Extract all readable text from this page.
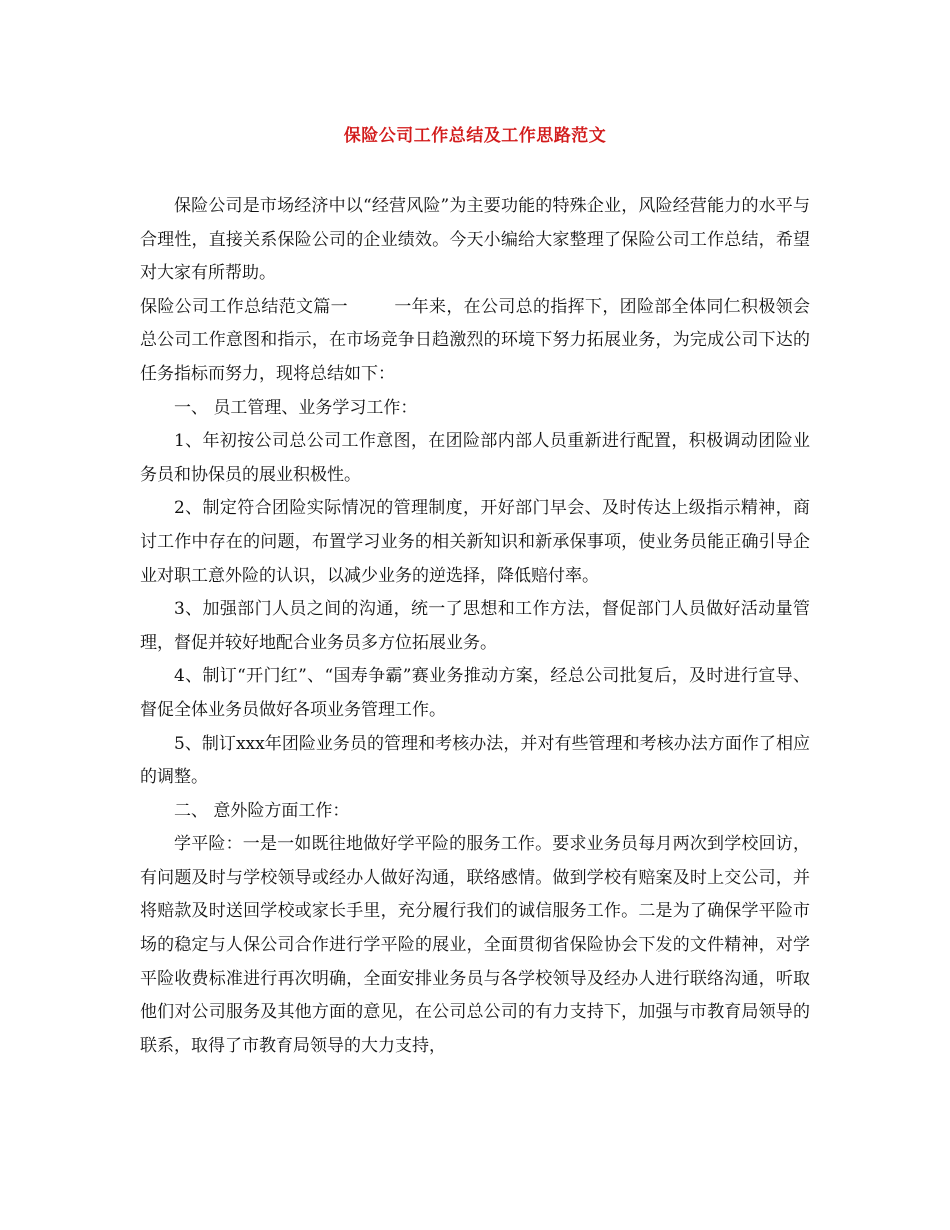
保险公司工作总结及工作思路范文

保险公司是市场经济中以“经营风险”为主要功能的特殊企业，风险经营能力的水平与合理性，直接关系保险公司的企业绩效。今天小编给大家整理了保险公司工作总结，希望对大家有所帮助。

保险公司工作总结范文篇一	一年来，在公司总的指挥下，团险部全体同仁积极领会总公司工作意图和指示，在市场竞争日趋激烈的环境下努力拓展业务，为完成公司下达的任务指标而努力，现将总结如下：

一、 员工管理、业务学习工作：

1、年初按公司总公司工作意图，在团险部内部人员重新进行配置，积极调动团险业务员和协保员的展业积极性。

2、制定符合团险实际情况的管理制度，开好部门早会、及时传达上级指示精神，商讨工作中存在的问题，布置学习业务的相关新知识和新承保事项，使业务员能正确引导企业对职工意外险的认识，以减少业务的逆选择，降低赔付率。

3、加强部门人员之间的沟通，统一了思想和工作方法，督促部门人员做好活动量管理，督促并较好地配合业务员多方位拓展业务。

4、制订“开门红”、“国寿争霸”赛业务推动方案，经总公司批复后，及时进行宣导、督促全体业务员做好各项业务管理工作。

5、制订xxx年团险业务员的管理和考核办法，并对有些管理和考核办法方面作了相应的调整。

二、 意外险方面工作：

学平险：一是一如既往地做好学平险的服务工作。要求业务员每月两次到学校回访，有问题及时与学校领导或经办人做好沟通，联络感情。做到学校有赔案及时上交公司，并将赔款及时送回学校或家长手里，充分履行我们的诚信服务工作。二是为了确保学平险市场的稳定与人保公司合作进行学平险的展业，全面贯彻省保险协会下发的文件精神，对学平险收费标准进行再次明确，全面安排业务员与各学校领导及经办人进行联络沟通，听取他们对公司服务及其他方面的意见，在公司总公司的有力支持下，加强与市教育局领导的联系，取得了市教育局领导的大力支持，
